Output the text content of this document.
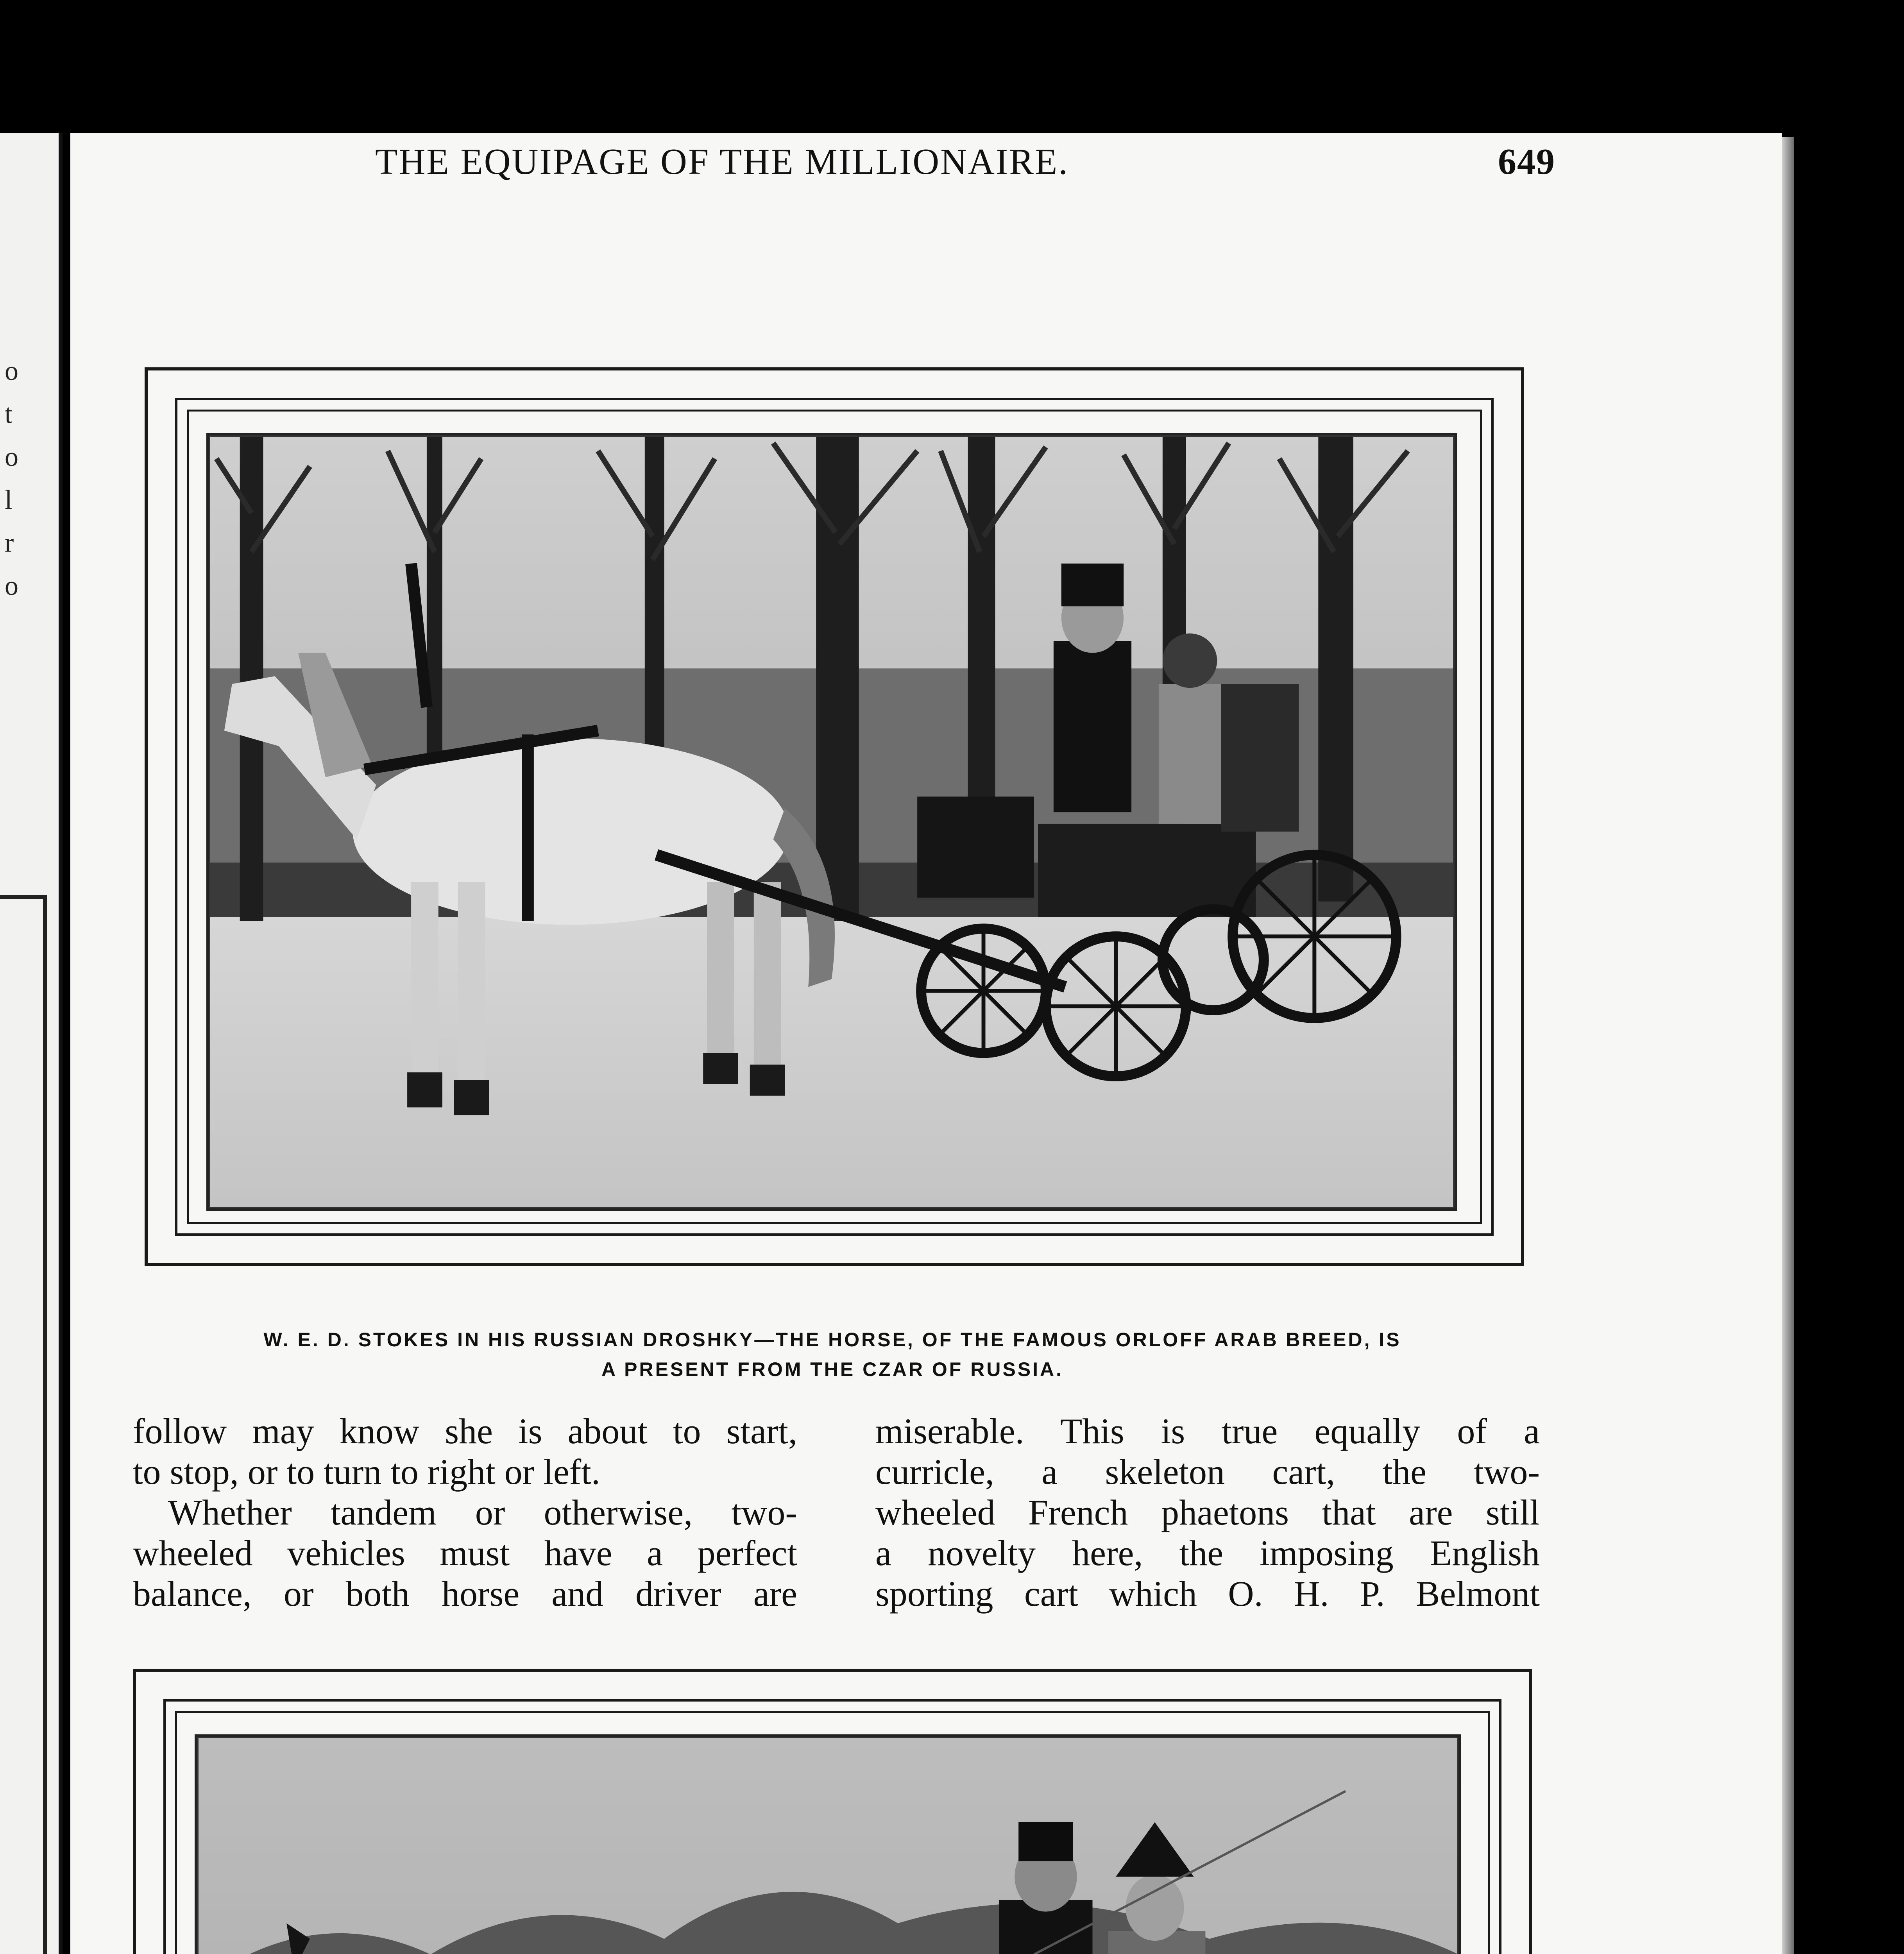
o
t
o
l
r
o
THE EQUIPAGE OF THE MILLIONAIRE.	649
W. E. D. STOKES IN HIS RUSSIAN DROSHKY—THE HORSE, OF THE FAMOUS ORLOFF ARAB BREED, IS
A PRESENT FROM THE CZAR OF RUSSIA.

follow may know she is about to start,

to stop, or to turn to right or left.

Whether tandem or otherwise, two-

wheeled vehicles must have a perfect

balance, or both horse and driver are

miserable. This is true equally of a

curricle, a skeleton cart, the two-

wheeled French phaetons that are still

a novelty here, the imposing English

sporting cart which O. H. P. Belmont
